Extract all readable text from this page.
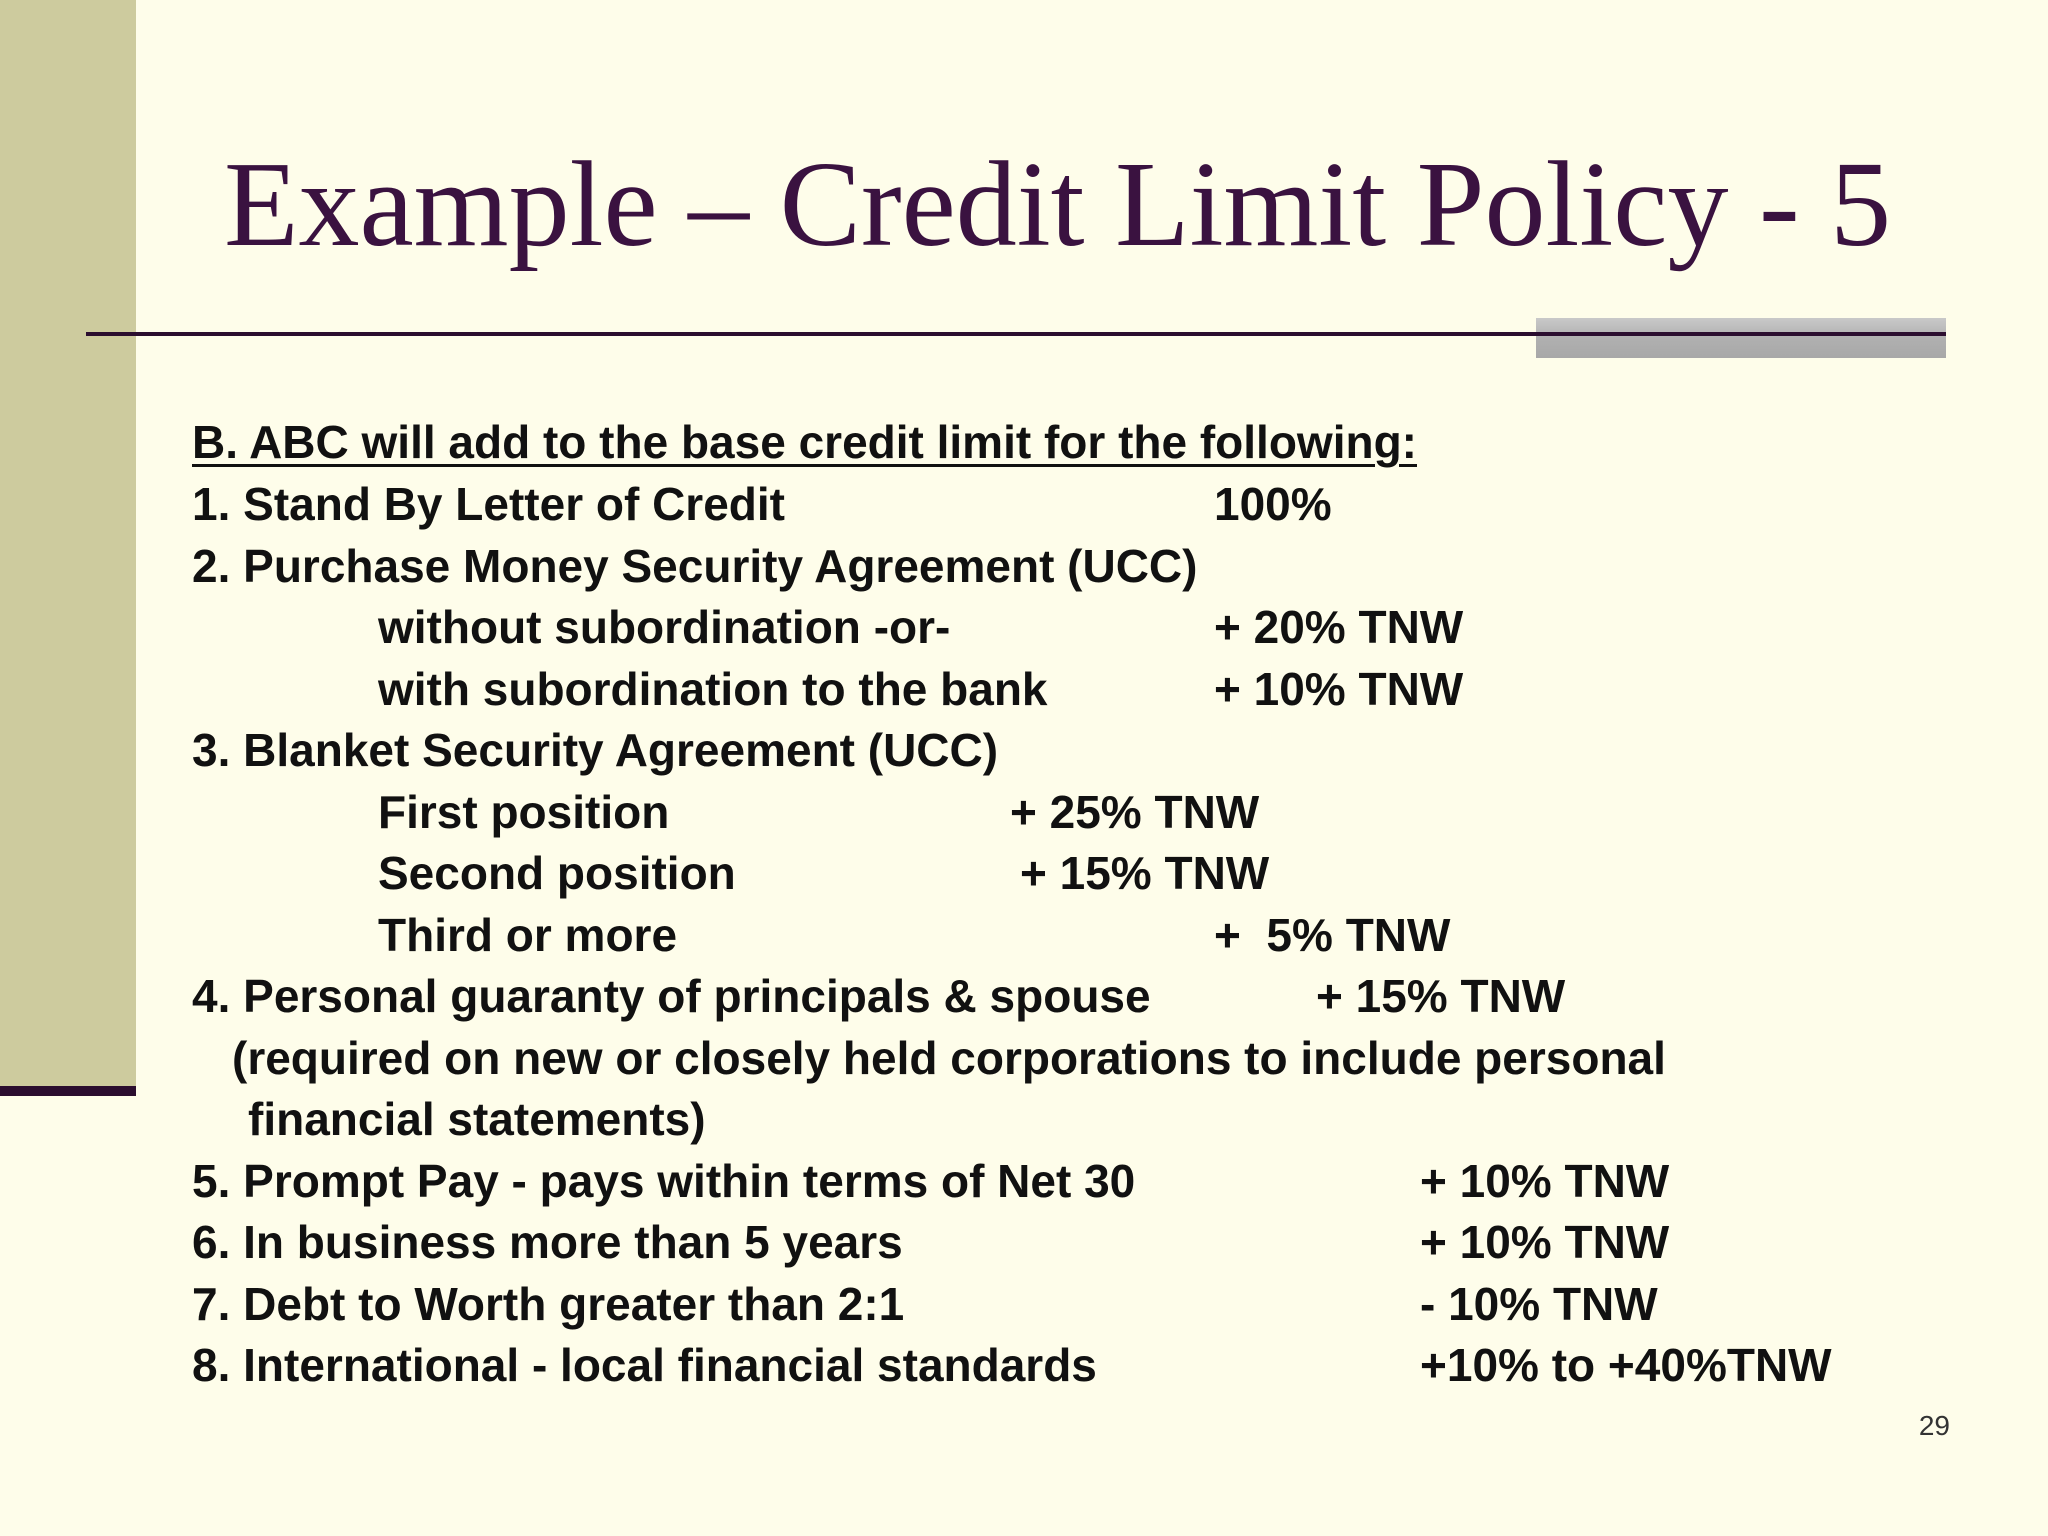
Example – Credit Limit Policy - 5
B. ABC will add to the base credit limit for the following:
1. Stand By Letter of Credit	100%
2. Purchase Money Security Agreement (UCC)
without subordination -or-	+ 20% TNW
with subordination to the bank	+ 10% TNW
3. Blanket Security Agreement (UCC)
First position	+ 25% TNW
Second position	+ 15% TNW
Third or more	+  5% TNW
4. Personal guaranty of principals & spouse	+ 15% TNW
(required on new or closely held corporations to include personal
financial statements)
5. Prompt Pay - pays within terms of Net 30	+ 10% TNW
6. In business more than 5 years	+ 10% TNW
7. Debt to Worth greater than 2:1	- 10% TNW
8. International - local financial standards	+10% to +40%TNW
29
